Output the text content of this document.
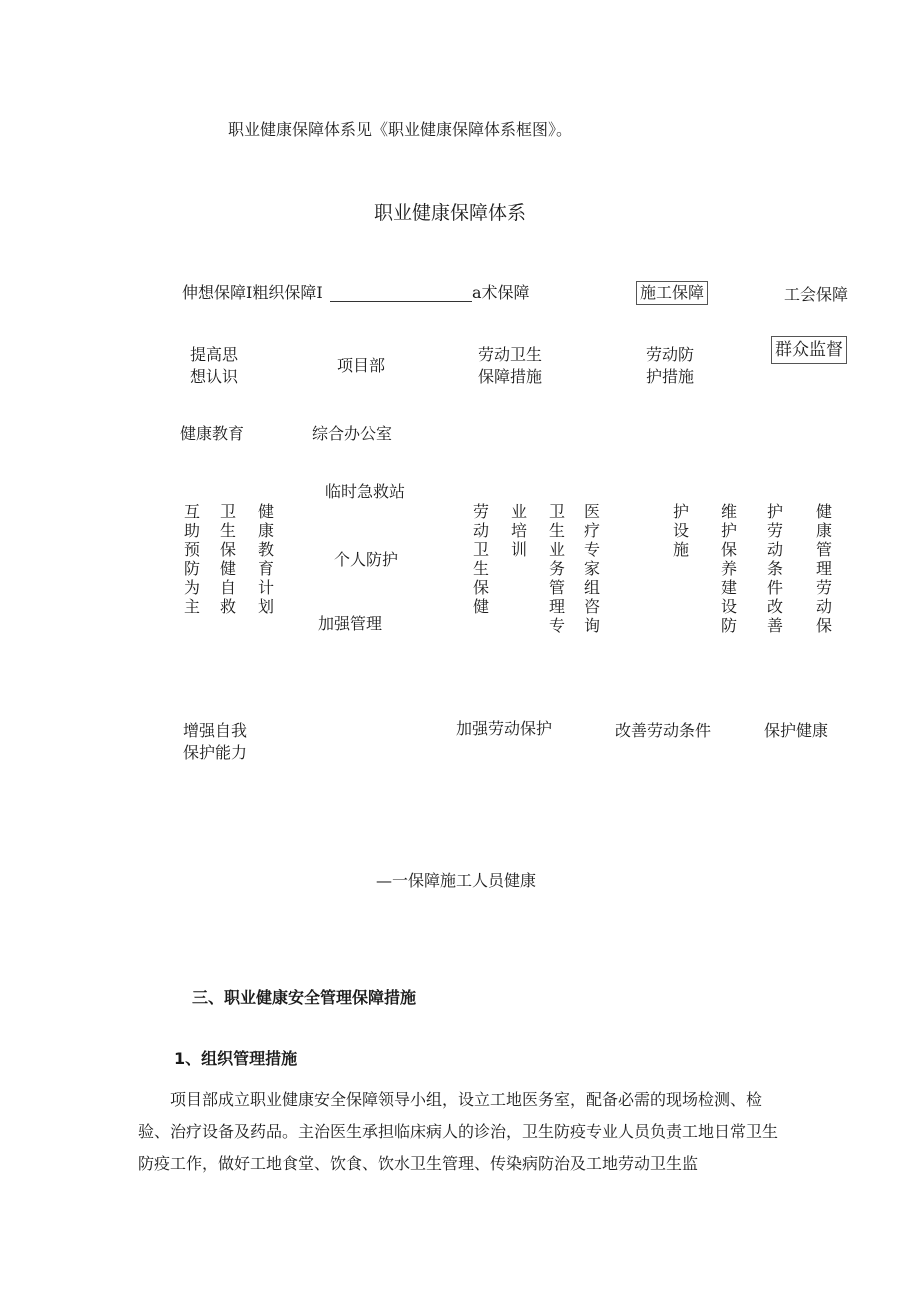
职业健康保障体系见《职业健康保障体系框图》。
职业健康保障体系
伸想保障I粗织保障I	a术保障	施工保障	工会保障
提高思
想认识
项目部
劳动卫生
保障措施
劳动防
护措施
群众监督
健康教育	综合办公室
临时急救站
个人防护
加强管理
互助预防为主
卫生保健自救
健康教育计划
劳动卫生保健
业培训
卫生业务管理专
医疗专家组咨询
护设施
维护保养建设防
护劳动条件改善
健康管理劳动保
增强自我
保护能力
加强劳动保护	改善劳动条件	保护健康
—一保障施工人员健康
三、职业健康安全管理保障措施
1、组织管理措施
项目部成立职业健康安全保障领导小组，设立工地医务室，配备必需的现场检测、检验、治疗设备及药品。主治医生承担临床病人的诊治，卫生防疫专业人员负责工地日常卫生防疫工作，做好工地食堂、饮食、饮水卫生管理、传染病防治及工地劳动卫生监
